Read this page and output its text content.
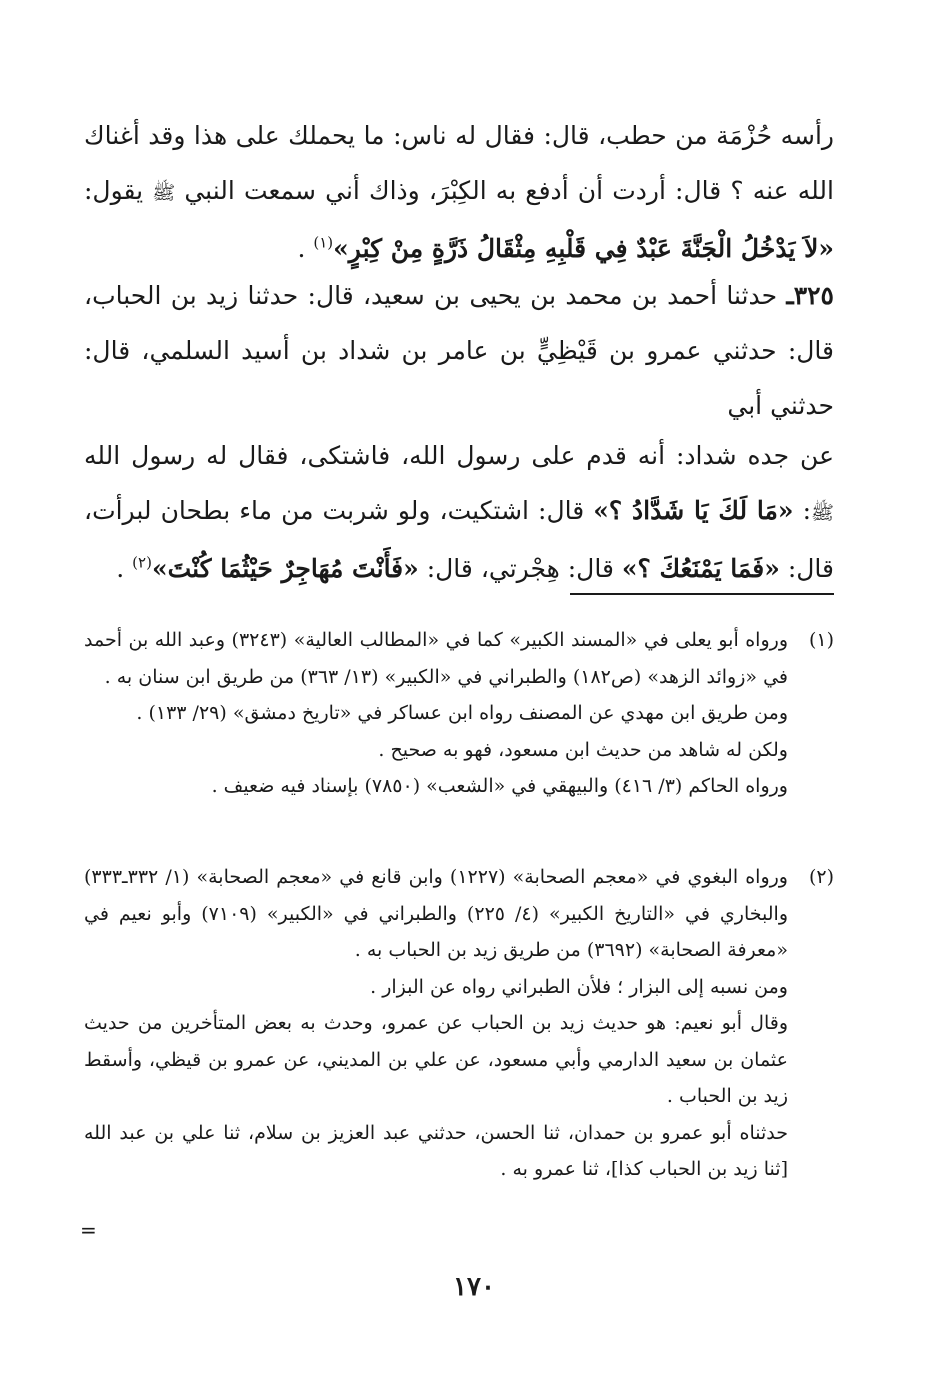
رأسه حُزْمَة من حطب، قال: فقال له ناس: ما يحملك على هذا وقد أغناك الله عنه ؟ قال: أردت أن أدفع به الكِبْرَ، وذاك أني سمعت النبي ﷺ يقول: «لاَ يَدْخُلُ الْجَنَّةَ عَبْدٌ فِي قَلْبِهِ مِثْقَالُ ذَرَّةٍ مِنْ كِبْرٍ»$^{(١)}$ .

٣٢٥ـ حدثنا أحمد بن محمد بن يحيى بن سعيد، قال: حدثنا زيد بن الحباب، قال: حدثني عمرو بن قَيْظِيٍّ بن عامر بن شداد بن أسيد السلمي، قال: حدثني أبي

عن جده شداد: أنه قدم على رسول الله، فاشتكى، فقال له رسول الله ﷺ: «مَا لَكَ يَا شَدَّادُ ؟» قال: اشتكيت، ولو شربت من ماء بطحان لبرأت، قال: «فَمَا يَمْنَعُكَ ؟» قال: هِجْرتي، قال: «فَأَنْتَ مُهَاجِرٌ حَيْثُمَا كُنْتَ»$^{(٢)}$ .

(١)

ورواه أبو يعلى في «المسند الكبير» كما في «المطالب العالية» (٣٢٤٣) وعبد الله بن أحمد في «زوائد الزهد» (ص١٨٢) والطبراني في «الكبير» (١٣/ ٣٦٣) من طريق ابن سنان به .

ومن طريق ابن مهدي عن المصنف رواه ابن عساكر في «تاريخ دمشق» (٢٩/ ١٣٣) .

ولكن له شاهد من حديث ابن مسعود، فهو به صحيح .

ورواه الحاكم (٣/ ٤١٦) والبيهقي في «الشعب» (٧٨٥٠) بإسناد فيه ضعيف .

(٢)

ورواه البغوي في «معجم الصحابة» (١٢٢٧) وابن قانع في «معجم الصحابة» (١/ ٣٣٢ـ٣٣٣) والبخاري في «التاريخ الكبير» (٤/ ٢٢٥) والطبراني في «الكبير» (٧١٠٩) وأبو نعيم في «معرفة الصحابة» (٣٦٩٢) من طريق زيد بن الحباب به .

ومن نسبه إلى البزار ؛ فلأن الطبراني رواه عن البزار .

وقال أبو نعيم: هو حديث زيد بن الحباب عن عمرو، وحدث به بعض المتأخرين من حديث عثمان بن سعيد الدارمي وأبي مسعود، عن علي بن المديني، عن عمرو بن قيظي، وأسقط زيد بن الحباب .

حدثناه أبو عمرو بن حمدان، ثنا الحسن، حدثني عبد العزيز بن سلام، ثنا علي بن عبد الله [ثنا زيد بن الحباب كذا]، ثنا عمرو به .

=
١٧٠
